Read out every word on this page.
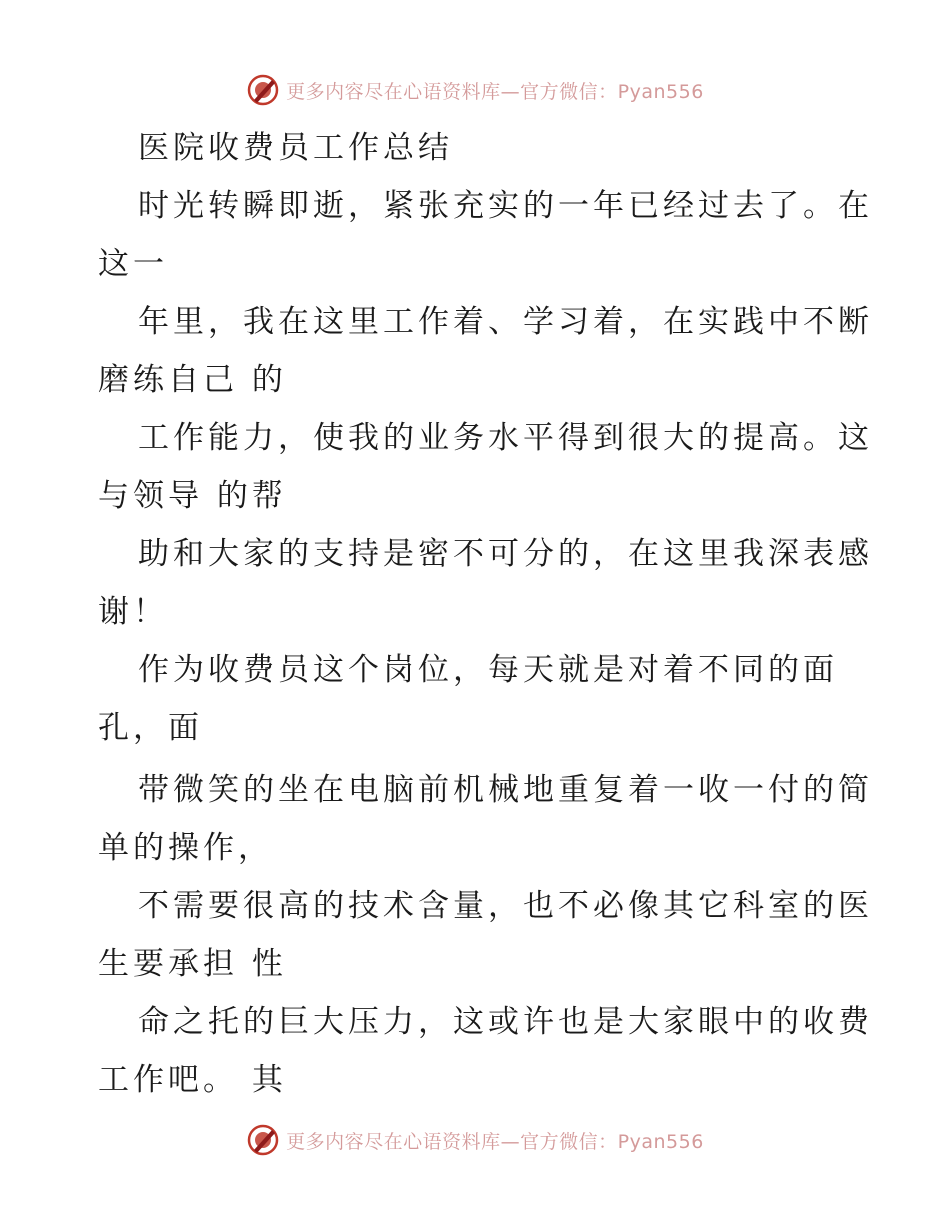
更多内容尽在心语资料库—官方微信：Pyan556
医院收费员工作总结
时光转瞬即逝，紧张充实的一年已经过去了。在
这一
年里，我在这里工作着、学习着，在实践中不断
磨练自己 的
工作能力，使我的业务水平得到很大的提高。这
与领导 的帮
助和大家的支持是密不可分的，在这里我深表感
谢！
作为收费员这个岗位，每天就是对着不同的面
孔，面
带微笑的坐在电脑前机械地重复着一收一付的简
单的操作，
不需要很高的技术含量，也不必像其它科室的医
生要承担 性
命之托的巨大压力，这或许也是大家眼中的收费
工作吧。 其
更多内容尽在心语资料库—官方微信：Pyan556
